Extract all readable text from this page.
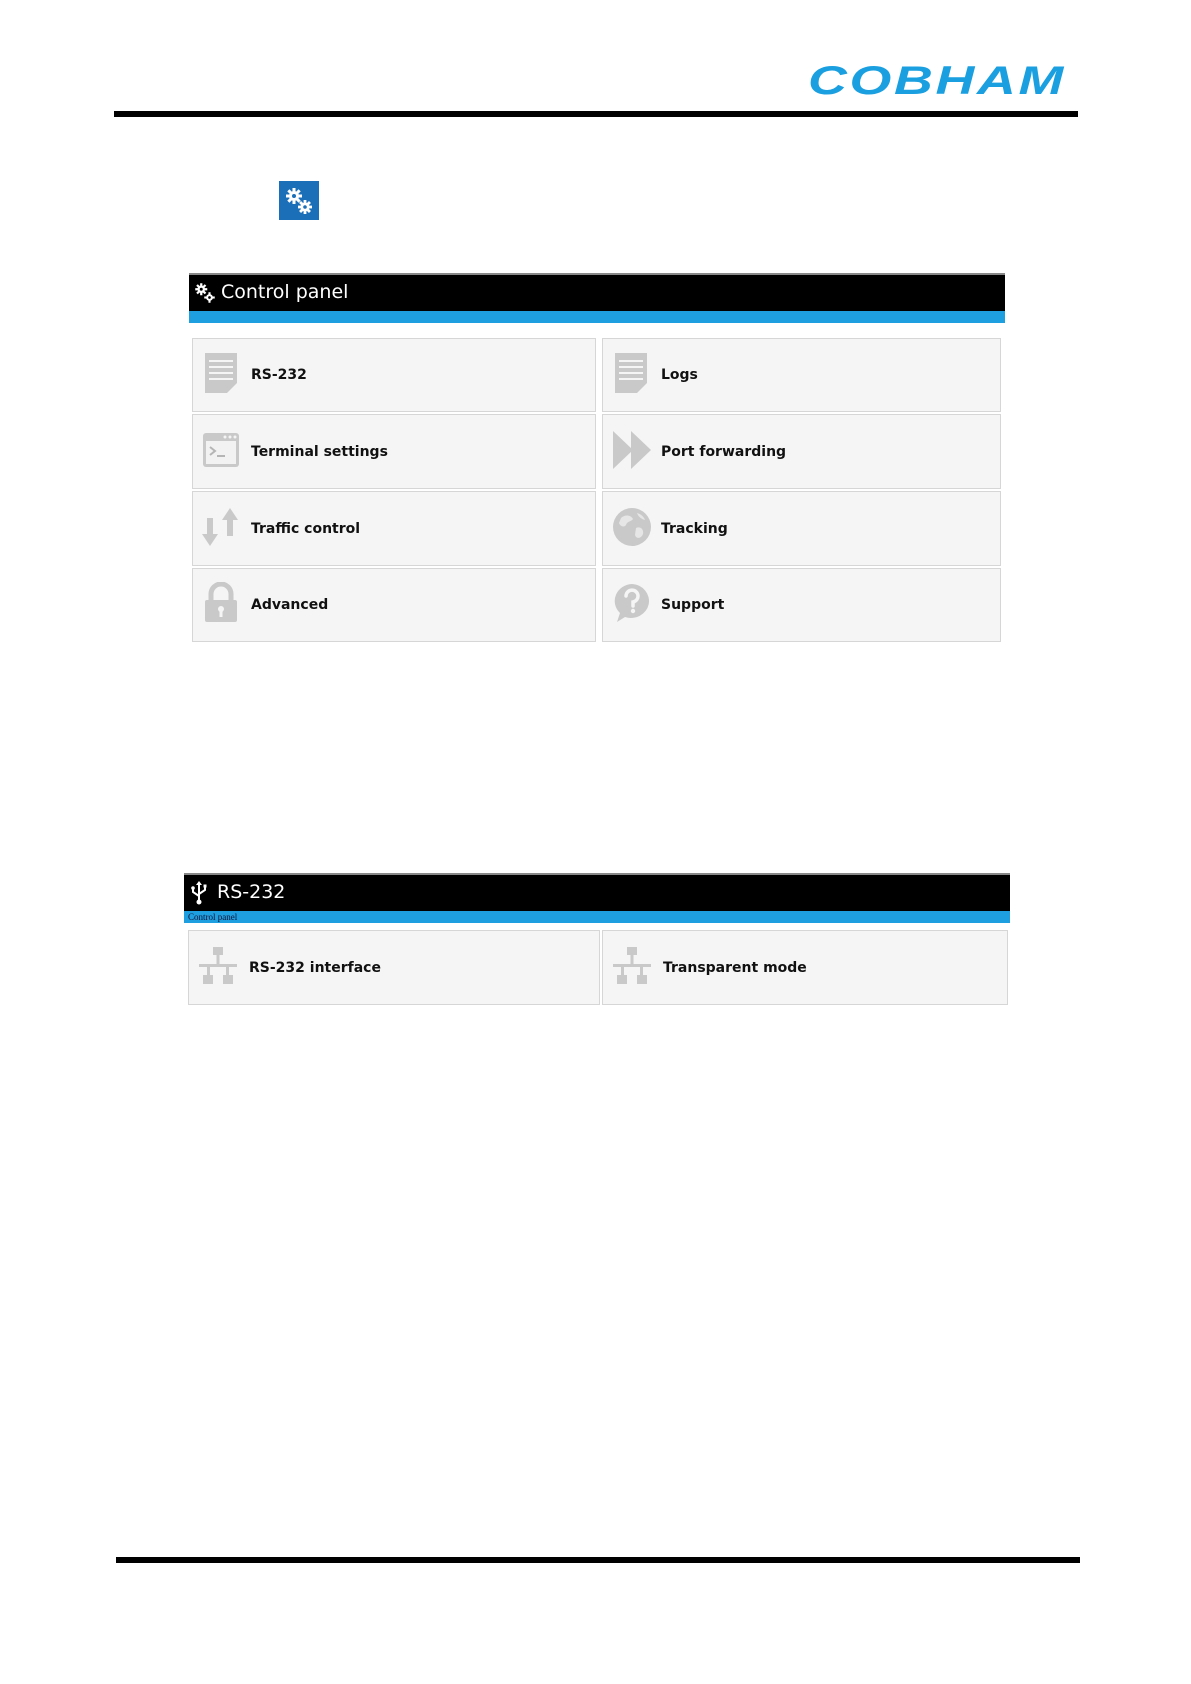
COBHAM
Control panel
RS-232	Logs
Terminal settings	Port forwarding
Traffic control	Tracking
Advanced	Support
RS-232
Control panel
RS-232 interface	Transparent mode
